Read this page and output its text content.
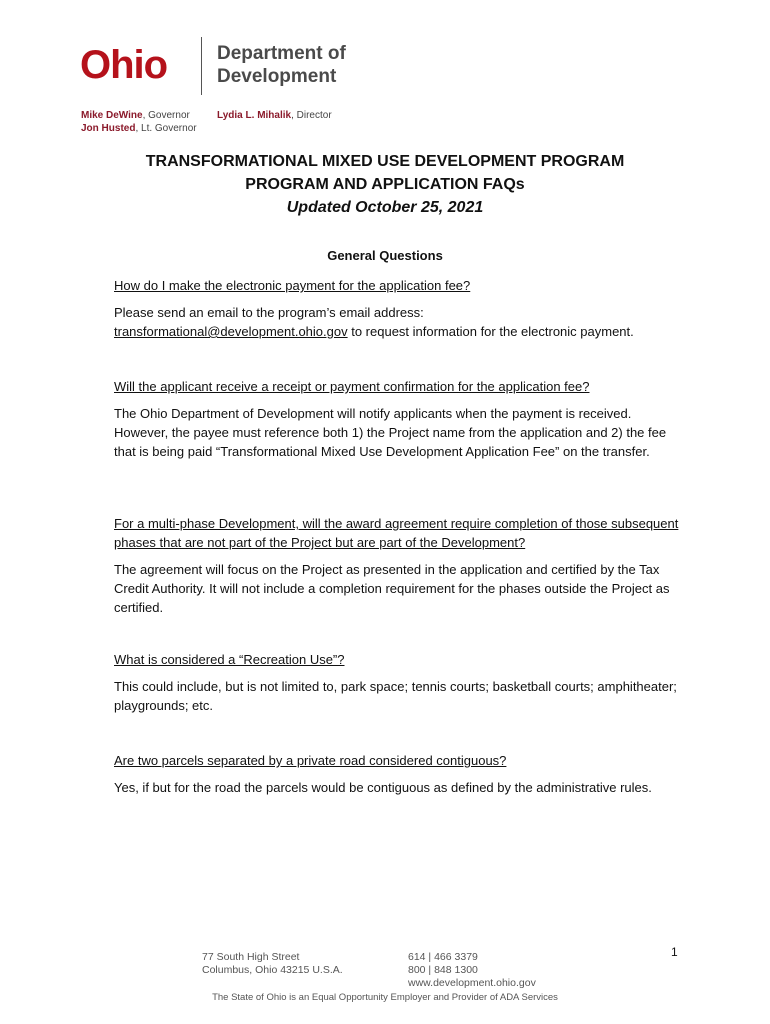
Ohio	Department of
Development
Mike DeWine, Governor
Jon Husted, Lt. Governor
Lydia L. Mihalik, Director
TRANSFORMATIONAL MIXED USE DEVELOPMENT PROGRAM
PROGRAM AND APPLICATION FAQs
Updated October 25, 2021
General Questions
How do I make the electronic payment for the application fee?
Please send an email to the program’s email address:
transformational@development.ohio.gov to request information for the electronic payment.
Will the applicant receive a receipt or payment confirmation for the application fee?
The Ohio Department of Development will notify applicants when the payment is received. However, the payee must reference both 1) the Project name from the application and 2) the fee that is being paid “Transformational Mixed Use Development Application Fee” on the transfer.
For a multi-phase Development, will the award agreement require completion of those subsequent phases that are not part of the Project but are part of the Development?
The agreement will focus on the Project as presented in the application and certified by the Tax Credit Authority. It will not include a completion requirement for the phases outside the Project as certified.
What is considered a “Recreation Use”?
This could include, but is not limited to, park space; tennis courts; basketball courts; amphitheater; playgrounds; etc.
Are two parcels separated by a private road considered contiguous?
Yes, if but for the road the parcels would be contiguous as defined by the administrative rules.
1
77 South High Street
Columbus, Ohio 43215 U.S.A.
614 | 466 3379
800 | 848 1300
www.development.ohio.gov
The State of Ohio is an Equal Opportunity Employer and Provider of ADA Services
